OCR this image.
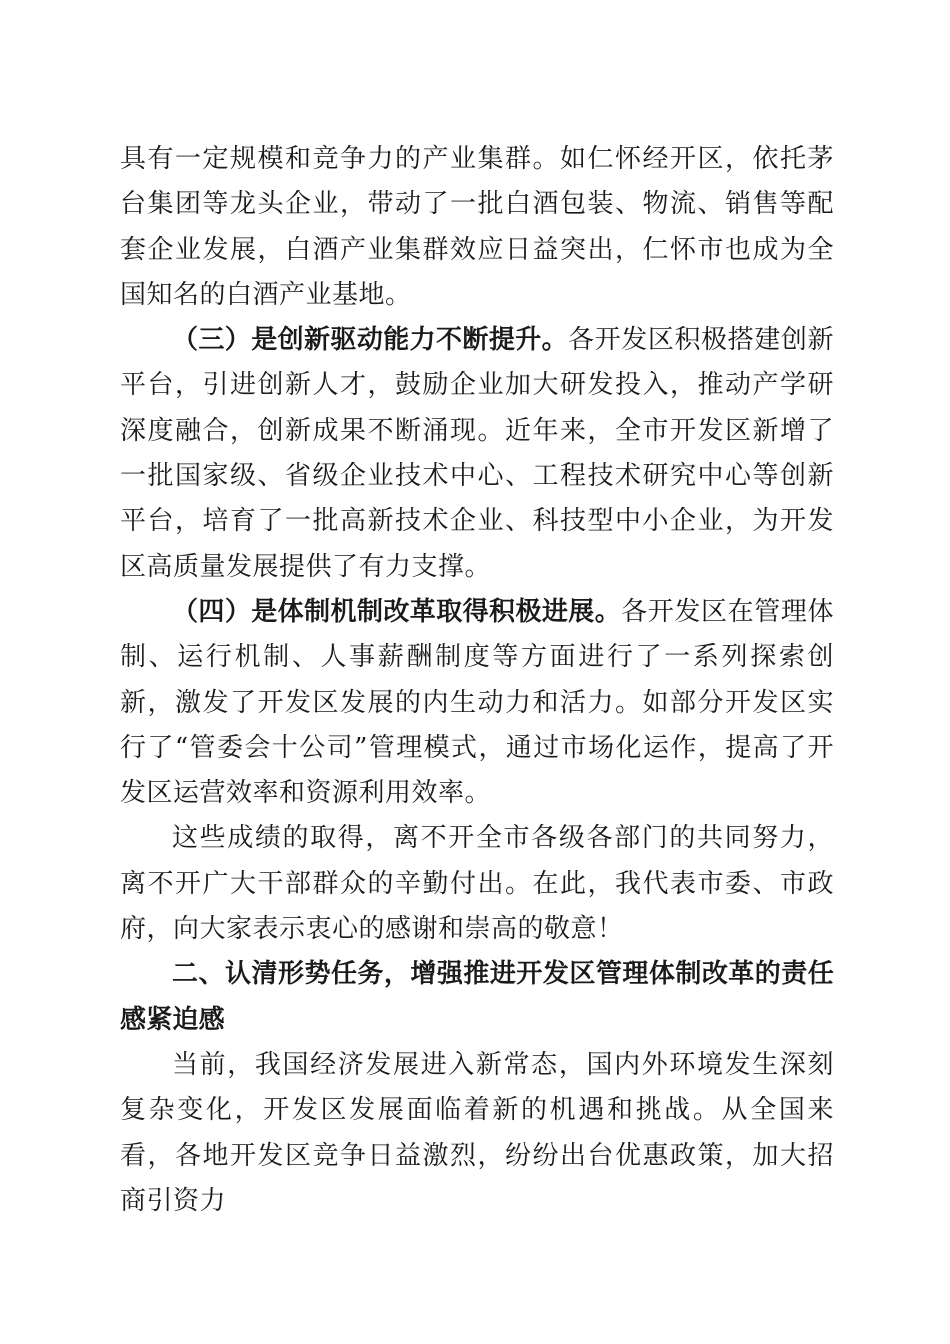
具有一定规模和竞争力的产业集群。如仁怀经开区，依托茅台集团等龙头企业，带动了一批白酒包装、物流、销售等配套企业发展，白酒产业集群效应日益突出，仁怀市也成为全国知名的白酒产业基地。

（三）是创新驱动能力不断提升。各开发区积极搭建创新平台，引进创新人才，鼓励企业加大研发投入，推动产学研深度融合，创新成果不断涌现。近年来，全市开发区新增了一批国家级、省级企业技术中心、工程技术研究中心等创新平台，培育了一批高新技术企业、科技型中小企业，为开发区高质量发展提供了有力支撑。

（四）是体制机制改革取得积极进展。各开发区在管理体制、运行机制、人事薪酬制度等方面进行了一系列探索创新，激发了开发区发展的内生动力和活力。如部分开发区实行了“管委会十公司”管理模式，通过市场化运作，提高了开发区运营效率和资源利用效率。

这些成绩的取得，离不开全市各级各部门的共同努力，离不开广大干部群众的辛勤付出。在此，我代表市委、市政府，向大家表示衷心的感谢和崇高的敬意！

二、认清形势任务，增强推进开发区管理体制改革的责任感紧迫感

当前，我国经济发展进入新常态，国内外环境发生深刻复杂变化，开发区发展面临着新的机遇和挑战。从全国来看，各地开发区竞争日益激烈，纷纷出台优惠政策，加大招商引资力
